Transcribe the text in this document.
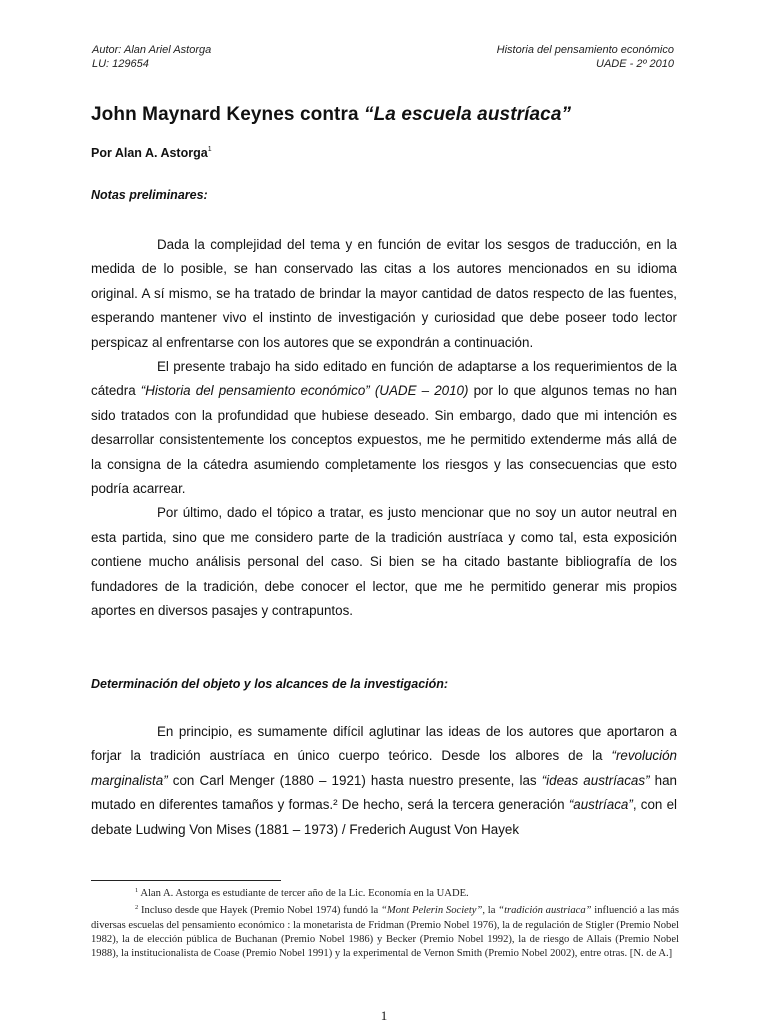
Autor: Alan Ariel Astorga
LU: 129654
Historia del pensamiento económico
UADE - 2º 2010
John Maynard Keynes contra “La escuela austríaca”
Por Alan A. Astorga$^1$

Notas preliminares:

Dada la complejidad del tema y en función de evitar los sesgos de traducción, en la medida de lo posible, se han conservado las citas a los autores mencionados en su idioma original. A sí mismo, se ha tratado de brindar la mayor cantidad de datos respecto de las fuentes, esperando mantener vivo el instinto de investigación y curiosidad que debe poseer todo lector perspicaz al enfrentarse con los autores que se expondrán a continuación.

El presente trabajo ha sido editado en función de adaptarse a los requerimientos de la cátedra “Historia del pensamiento económico” (UADE – 2010) por lo que algunos temas no han sido tratados con la profundidad que hubiese deseado. Sin embargo, dado que mi intención es desarrollar consistentemente los conceptos expuestos, me he permitido extenderme más allá de la consigna de la cátedra asumiendo completamente los riesgos y las consecuencias que esto podría acarrear.

Por último, dado el tópico a tratar, es justo mencionar que no soy un autor neutral en esta partida, sino que me considero parte de la tradición austríaca y como tal, esta exposición contiene mucho análisis personal del caso. Si bien se ha citado bastante bibliografía de los fundadores de la tradición, debe conocer el lector, que me he permitido generar mis propios aportes en diversos pasajes y contrapuntos.

Determinación del objeto y los alcances de la investigación:

En principio, es sumamente difícil aglutinar las ideas de los autores que aportaron a forjar la tradición austríaca en único cuerpo teórico. Desde los albores de la “revolución marginalista” con Carl Menger (1880 – 1921) hasta nuestro presente, las “ideas austríacas” han mutado en diferentes tamaños y formas.² De hecho, será la tercera generación “austríaca”, con el debate Ludwing Von Mises (1881 – 1973) / Frederich August Von Hayek

$^1$ Alan A. Astorga es estudiante de tercer año de la Lic. Economía en la UADE.

$^2$ Incluso desde que Hayek (Premio Nobel 1974) fundó la “Mont Pelerin Society”, la “tradición austriaca” influenció a las más diversas escuelas del pensamiento económico : la monetarista de Fridman (Premio Nobel 1976), la de regulación de Stigler (Premio Nobel 1982), la de elección pública de Buchanan (Premio Nobel 1986) y Becker (Premio Nobel 1992), la de riesgo de Allais (Premio Nobel 1988), la institucionalista de Coase (Premio Nobel 1991) y la experimental de Vernon Smith (Premio Nobel 2002), entre otras. [N. de A.]

1
